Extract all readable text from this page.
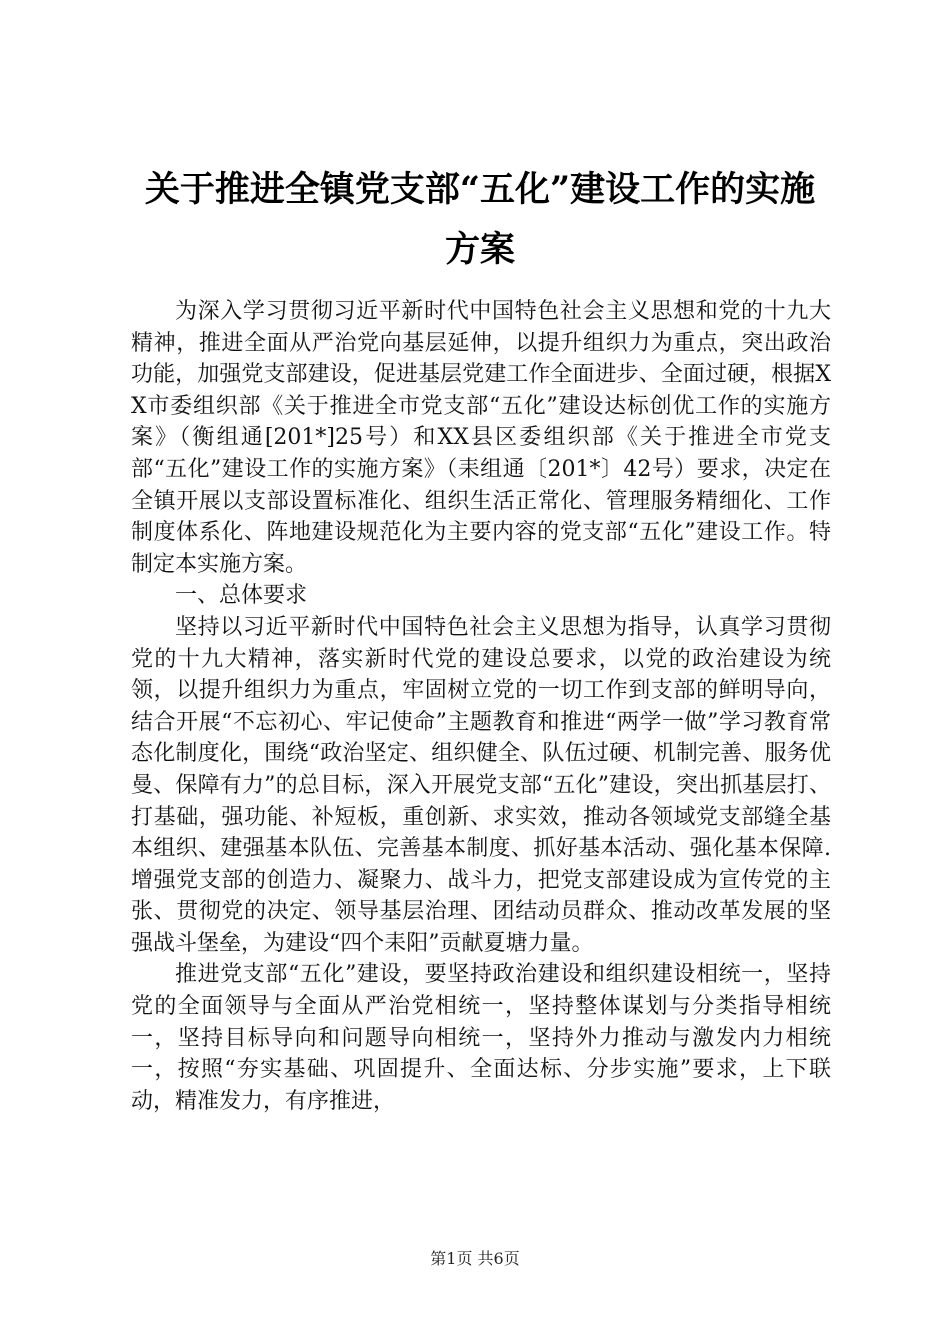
关于推进全镇党支部“五化”建设工作的实施
方案

为深入学习贯彻习近平新时代中国特色社会主义思想和党的十九大精神，推进全面从严治党向基层延伸，以提升组织力为重点，突出政治功能，加强党支部建设，促进基层党建工作全面进步、全面过硬，根据XX市委组织部《关于推进全市党支部“五化”建设达标创优工作的实施方案》（衡组通[201*]25号）和XX县区委组织部《关于推进全市党支部“五化”建设工作的实施方案》（耒组通〔201*〕42号）要求，决定在全镇开展以支部设置标准化、组织生活正常化、管理服务精细化、工作制度体系化、阵地建设规范化为主要内容的党支部“五化”建设工作。特制定本实施方案。

一、总体要求

坚持以习近平新时代中国特色社会主义思想为指导，认真学习贯彻党的十九大精神，落实新时代党的建设总要求，以党的政治建设为统领，以提升组织力为重点，牢固树立党的一切工作到支部的鲜明导向，结合开展“不忘初心、牢记使命”主题教育和推进“两学一做”学习教育常态化制度化，围绕“政治坚定、组织健全、队伍过硬、机制完善、服务优曼、保障有力”的总目标，深入开展党支部“五化”建设，突出抓基层打、打基础，强功能、补短板，重创新、求实效，推动各领域党支部缝全基本组织、建强基本队伍、完善基本制度、抓好基本活动、强化基本保障.增强党支部的创造力、凝聚力、战斗力，把党支部建设成为宣传党的主张、贯彻党的决定、领导基层治理、团结动员群众、推动改革发展的坚强战斗堡垒，为建设“四个耒阳”贡献夏塘力量。

推进党支部“五化”建设，要坚持政治建设和组织建设相统一，坚持党的全面领导与全面从严治党相统一，坚持整体谋划与分类指导相统一，坚持目标导向和问题导向相统一，坚持外力推动与激发内力相统一，按照“夯实基础、巩固提升、全面达标、分步实施”要求，上下联动，精准发力，有序推进，

第1页 共6页
